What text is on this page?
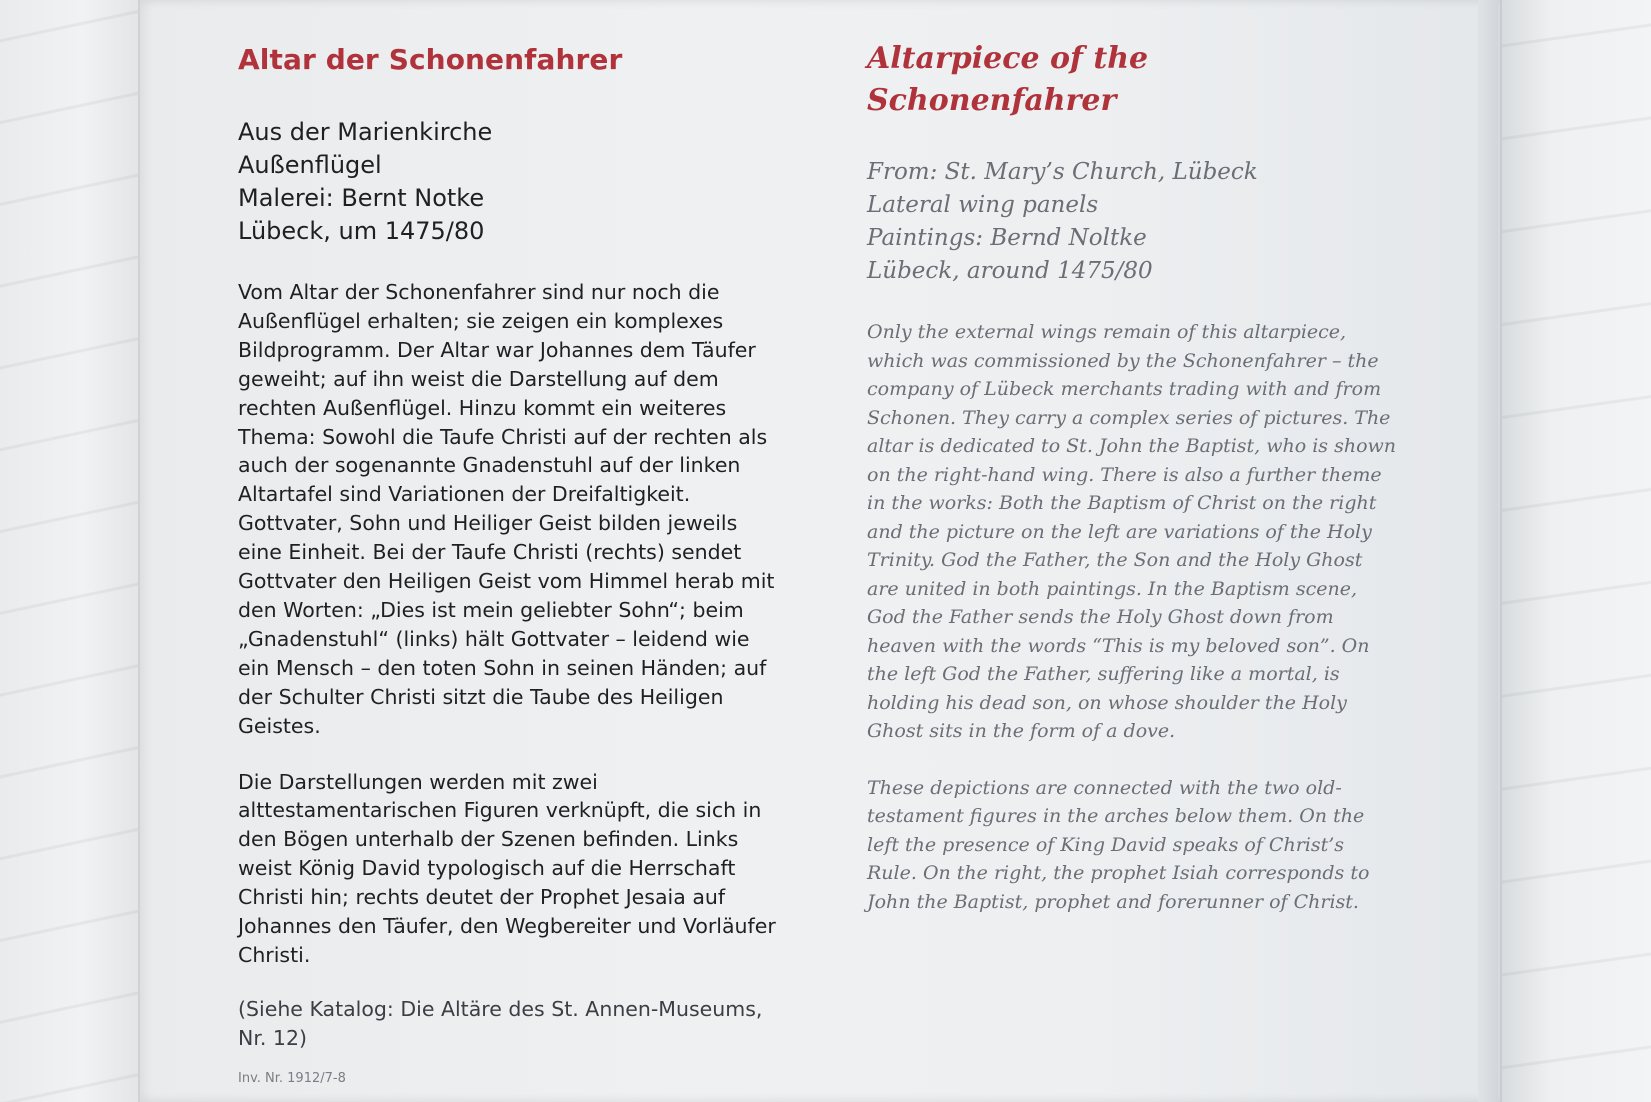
Altar der Schonenfahrer
Aus der Marienkirche
Außenflügel
Malerei: Bernt Notke
Lübeck, um 1475/80

Vom Altar der Schonenfahrer sind nur noch die Außenflügel erhalten; sie zeigen ein komplexes Bildprogramm. Der Altar war Johannes dem Täufer geweiht; auf ihn weist die Darstellung auf dem rechten Außenflügel. Hinzu kommt ein weiteres Thema: Sowohl die Taufe Christi auf der rechten als auch der sogenannte Gnadenstuhl auf der linken Altartafel sind Variationen der Dreifaltigkeit. Gottvater, Sohn und Heiliger Geist bilden jeweils eine Einheit. Bei der Taufe Christi (rechts) sendet Gottvater den Heiligen Geist vom Himmel herab mit den Worten: „Dies ist mein geliebter Sohn“; beim „Gnadenstuhl“ (links) hält Gottvater – leidend wie ein Mensch – den toten Sohn in seinen Händen; auf der Schulter Christi sitzt die Taube des Heiligen Geistes.

Die Darstellungen werden mit zwei alttestamentarischen Figuren verknüpft, die sich in den Bögen unterhalb der Szenen befinden. Links weist König David typologisch auf die Herrschaft Christi hin; rechts deutet der Prophet Jesaia auf Johannes den Täufer, den Wegbereiter und Vorläufer Christi.

(Siehe Katalog: Die Altäre des St. Annen-Museums, Nr. 12)
Inv. Nr. 1912/7-8
Altarpiece of the Schonenfahrer
From: St. Mary’s Church, Lübeck
Lateral wing panels
Paintings: Bernd Noltke
Lübeck, around 1475/80

Only the external wings remain of this altarpiece, which was commissioned by the Schonenfahrer – the company of Lübeck merchants trading with and from Schonen. They carry a complex series of pictures. The altar is dedicated to St. John the Baptist, who is shown on the right-hand wing. There is also a further theme in the works: Both the Baptism of Christ on the right and the picture on the left are variations of the Holy Trinity. God the Father, the Son and the Holy Ghost are united in both paintings. In the Baptism scene, God the Father sends the Holy Ghost down from heaven with the words “This is my beloved son”. On the left God the Father, suffering like a mortal, is holding his dead son, on whose shoulder the Holy Ghost sits in the form of a dove.

These depictions are connected with the two old-testament figures in the arches below them. On the left the presence of King David speaks of Christ’s Rule. On the right, the prophet Isiah corresponds to John the Baptist, prophet and forerunner of Christ.
